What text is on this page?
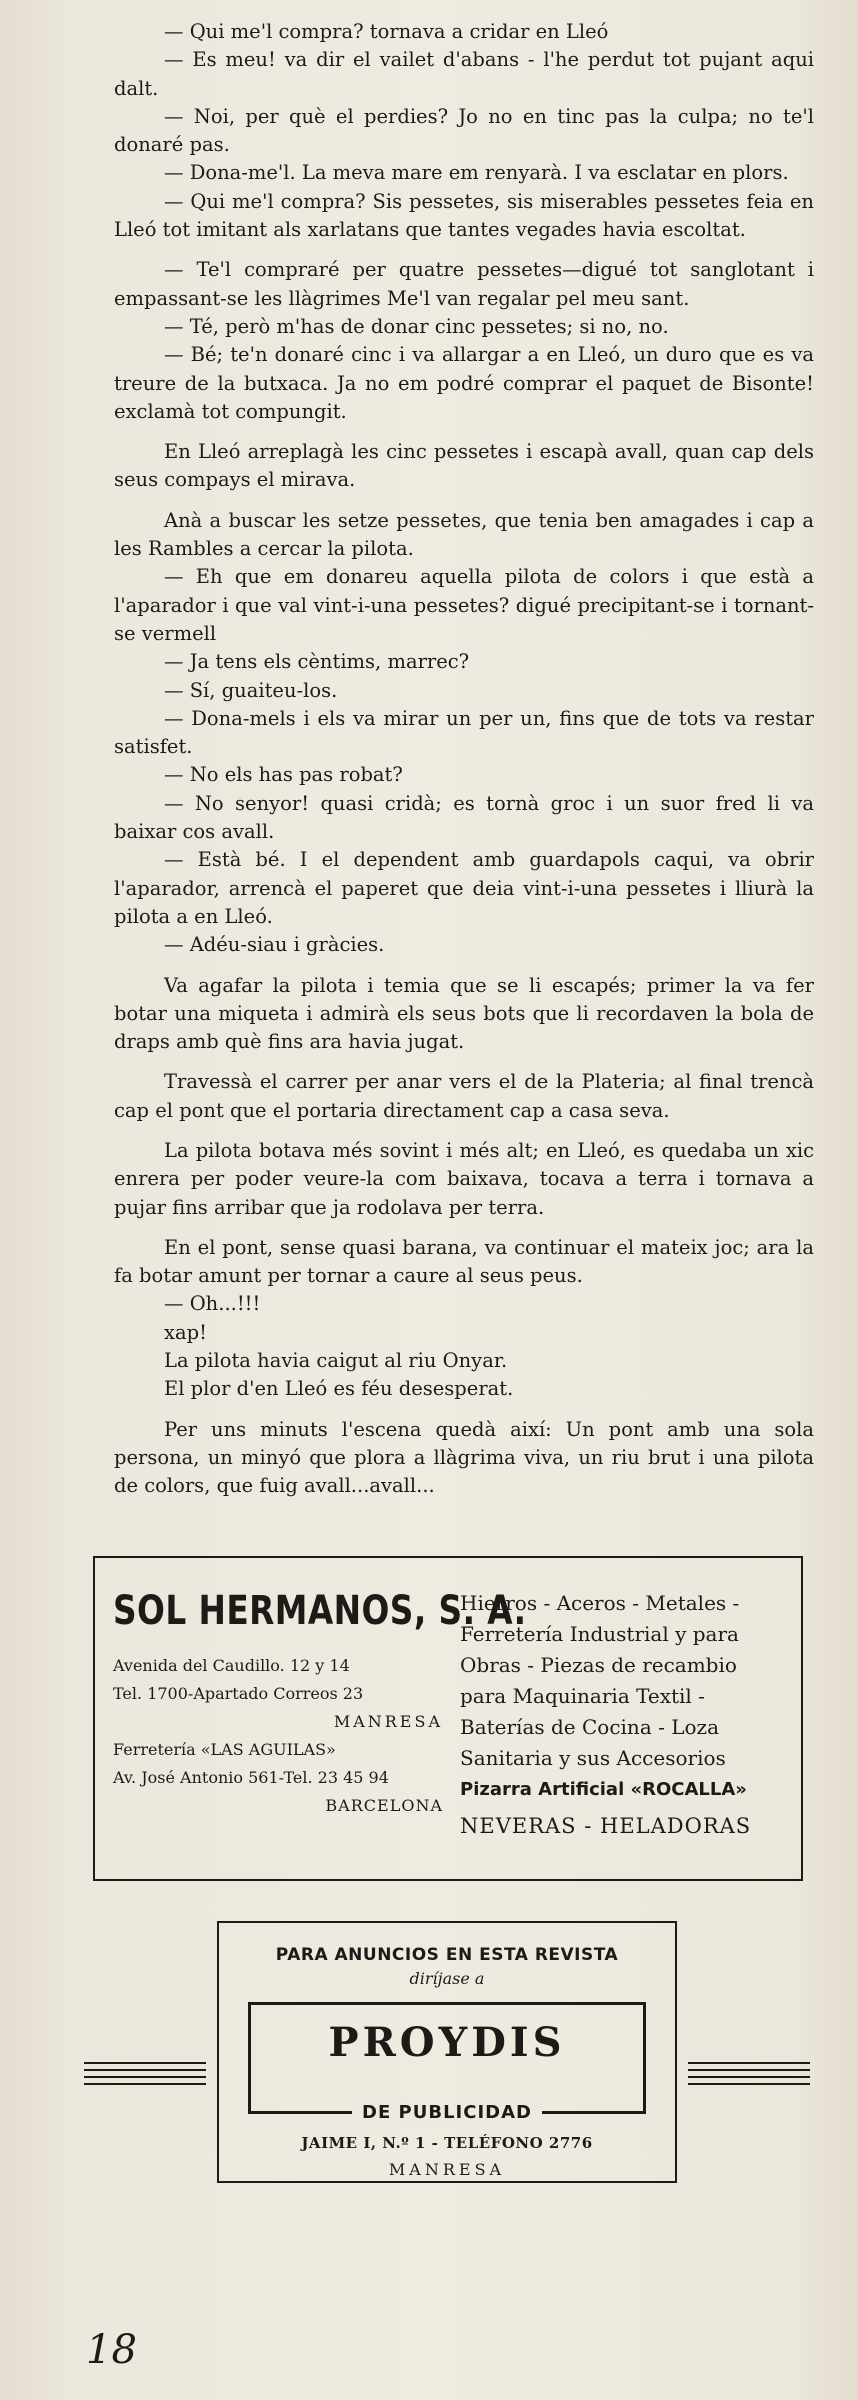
— Qui me'l compra? tornava a cridar en Lleó

— Es meu! va dir el vailet d'abans - l'he perdut tot pujant aqui dalt.

— Noi, per què el perdies? Jo no en tinc pas la culpa; no te'l donaré pas.

— Dona-me'l. La meva mare em renyarà. I va esclatar en plors.

— Qui me'l compra? Sis pessetes, sis miserables pessetes feia en Lleó tot imitant als xarlatans que tantes vegades havia escoltat.

— Te'l compraré per quatre pessetes—digué tot sanglotant i empassant-se les llàgrimes Me'l van regalar pel meu sant.

— Té, però m'has de donar cinc pessetes; si no, no.

— Bé; te'n donaré cinc i va allargar a en Lleó, un duro que es va treure de la butxaca. Ja no em podré comprar el paquet de Bisonte! exclamà tot compungit.

En Lleó arreplagà les cinc pessetes i escapà avall, quan cap dels seus compays el mirava.

Anà a buscar les setze pessetes, que tenia ben amagades i cap a les Rambles a cercar la pilota.

— Eh que em donareu aquella pilota de colors i que està a l'aparador i que val vint-i-una pessetes? digué precipitant-se i tornant-se vermell

— Ja tens els cèntims, marrec?

— Sí, guaiteu-los.

— Dona-mels i els va mirar un per un, fins que de tots va restar satisfet.

— No els has pas robat?

— No senyor! quasi cridà; es tornà groc i un suor fred li va baixar cos avall.

— Està bé. I el dependent amb guardapols caqui, va obrir l'aparador, arrencà el paperet que deia vint-i-una pessetes i lliurà la pilota a en Lleó.

— Adéu-siau i gràcies.

Va agafar la pilota i temia que se li escapés; primer la va fer botar una miqueta i admirà els seus bots que li recordaven la bola de draps amb què fins ara havia jugat.

Travessà el carrer per anar vers el de la Plateria; al final trencà cap el pont que el portaria directament cap a casa seva.

La pilota botava més sovint i més alt; en Lleó, es quedaba un xic enrera per poder veure-la com baixava, tocava a terra i tornava a pujar fins arribar que ja rodolava per terra.

En el pont, sense quasi barana, va continuar el mateix joc; ara la fa botar amunt per tornar a caure al seus peus.

— Oh...!!!

xap!

La pilota havia caigut al riu Onyar.

El plor d'en Lleó es féu desesperat.

Per uns minuts l'escena quedà així: Un pont amb una sola persona, un minyó que plora a llàgrima viva, un riu brut i una pilota de colors, que fuig avall...avall...

SOL HERMANOS, S. A.
Avenida del Caudillo. 12 y 14
Tel. 1700-Apartado Correos 23
MANRESA
Ferretería «LAS AGUILAS»
Av. José Antonio 561-Tel. 23 45 94
BARCELONA
Hierros - Aceros - Metales -
Ferretería Industrial y para
Obras - Piezas de recambio
para Maquinaria Textil -
Baterías de Cocina - Loza
Sanitaria y sus Accesorios
Pizarra Artificial «ROCALLA»
NEVERAS - HELADORAS
PARA ANUNCIOS EN ESTA REVISTA
diríjase a
PROYDIS
DE PUBLICIDAD
JAIME I, N.º 1 - TELÉFONO 2776
MANRESA
18
